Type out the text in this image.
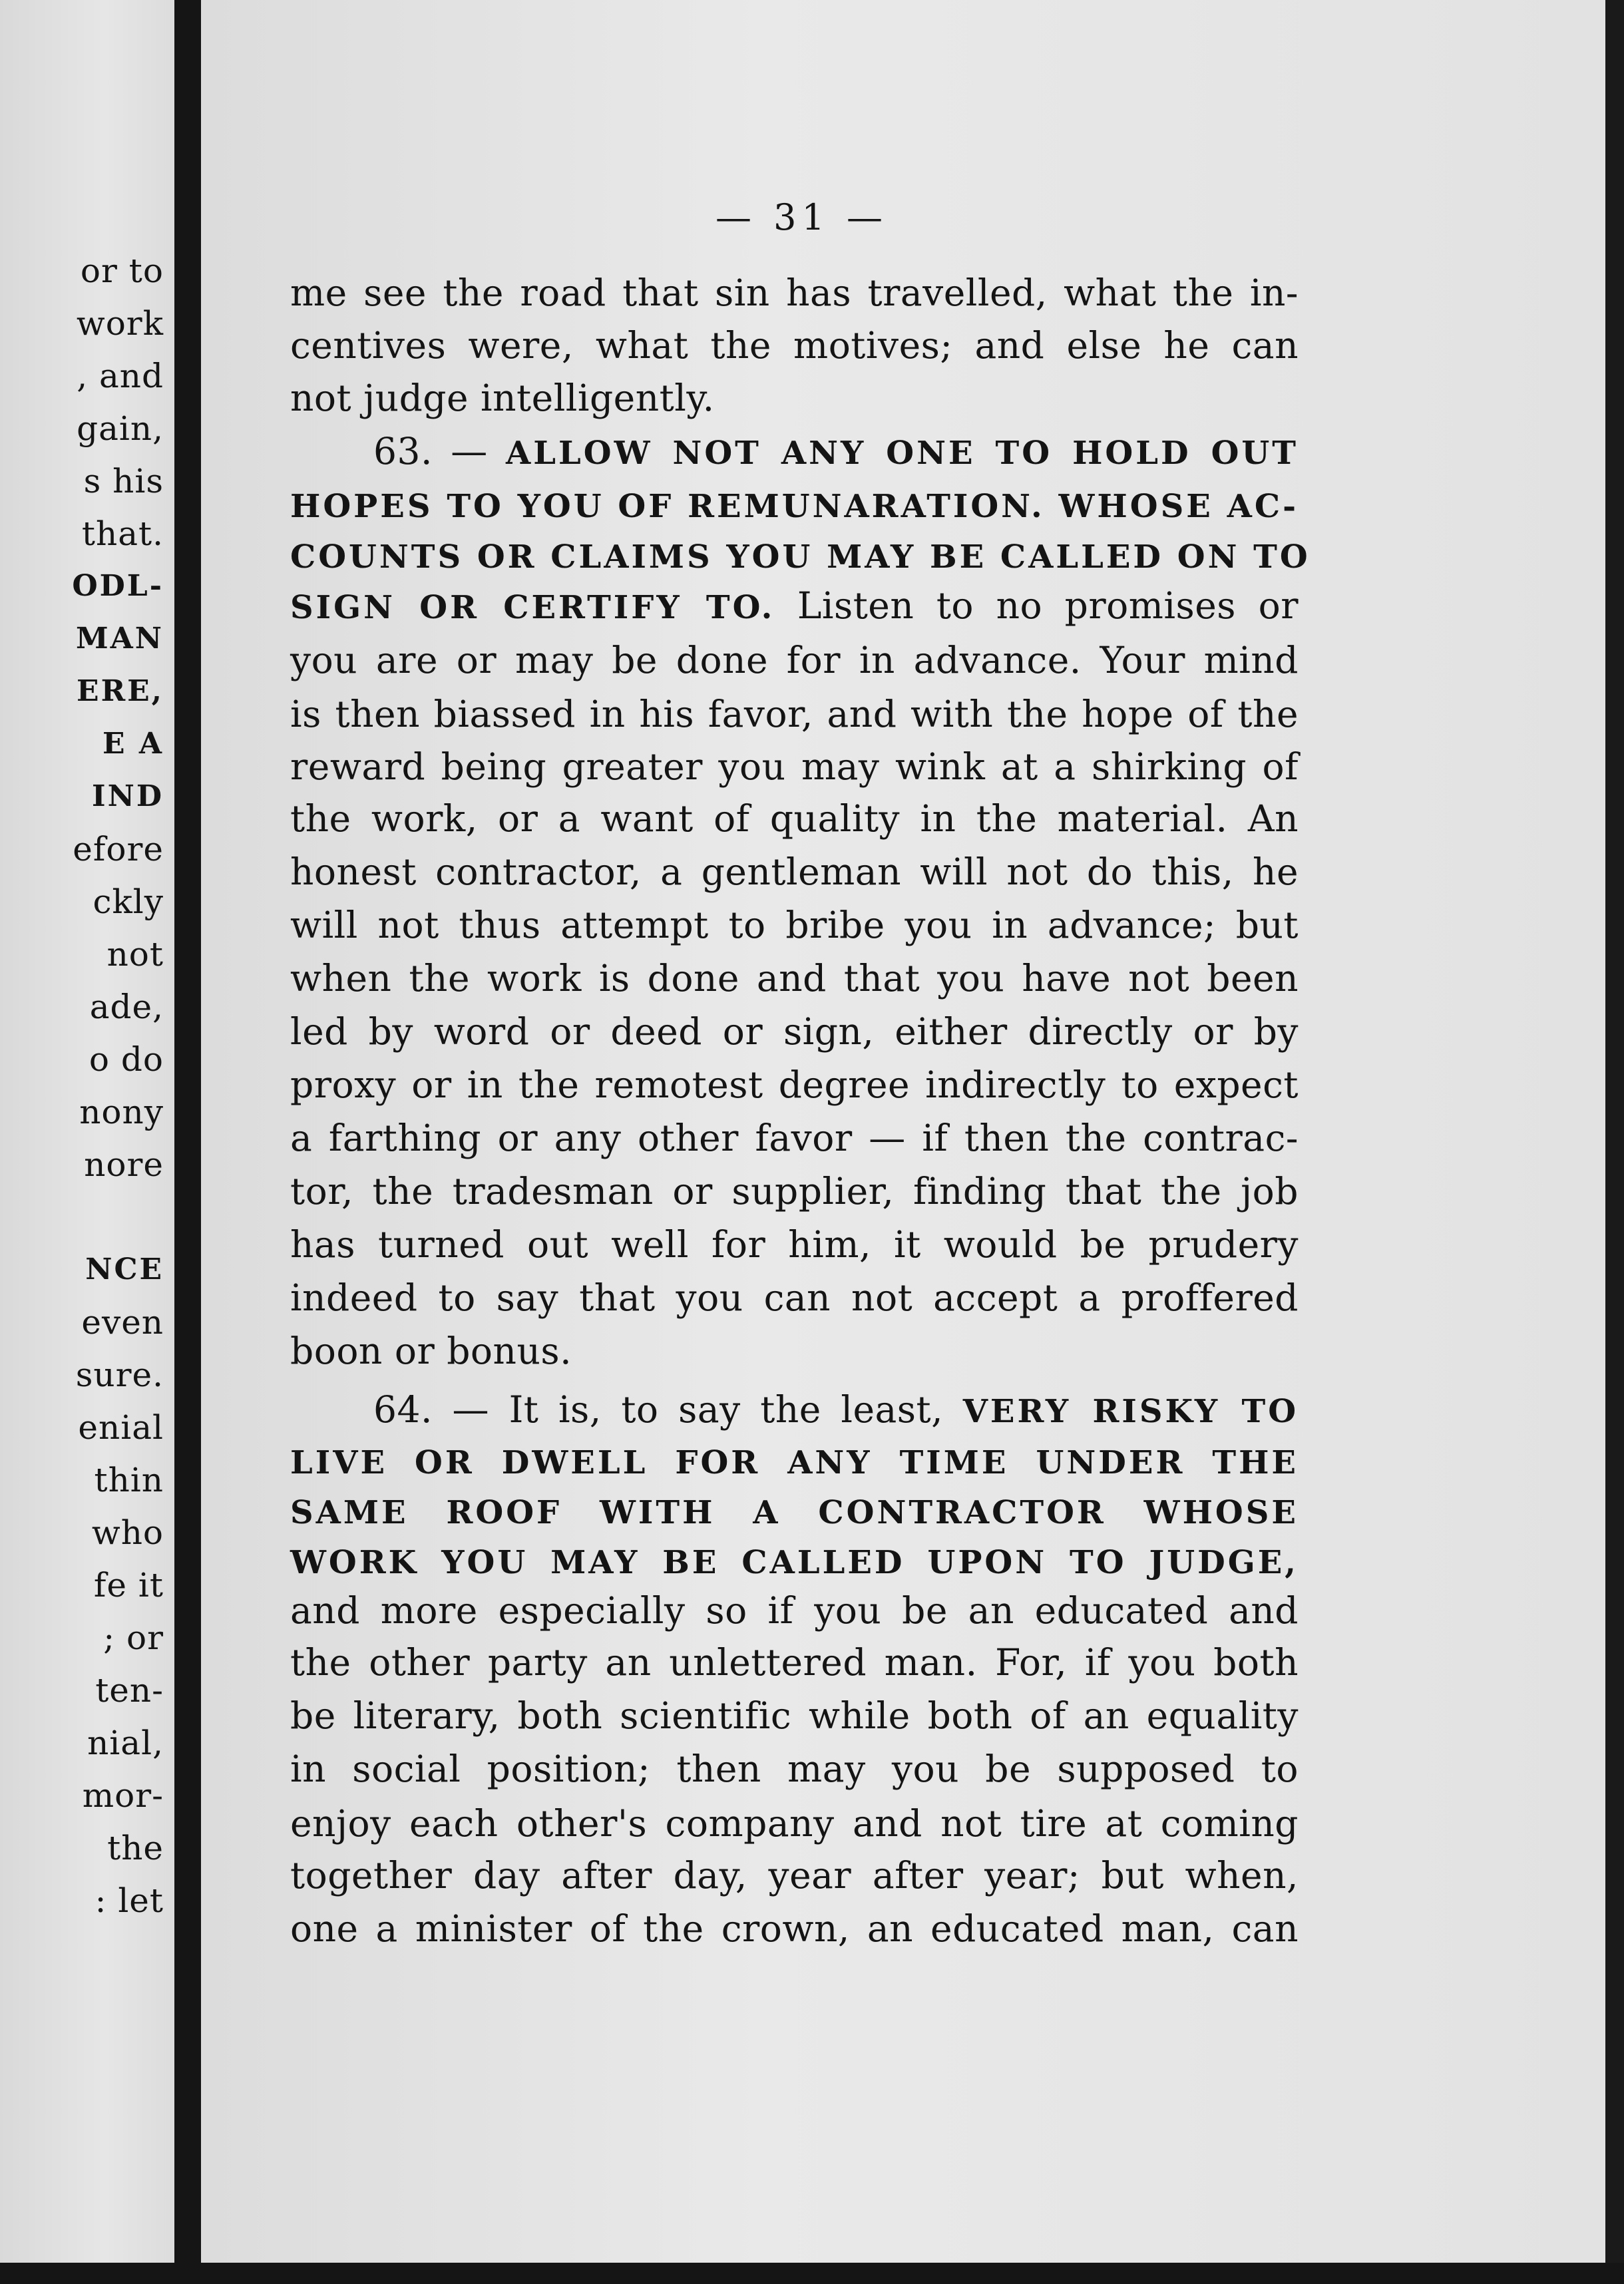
or to
work
, and
gain,
s his
that.
ODL-
MAN
ERE,
E A
IND
efore
ckly
not
ade,
o do
nony
nore
NCE
even
sure.
enial
thin
who
fe it
; or
ten-
nial,
mor-
the
: let
— 31 —
me see the road that sin has travelled, what the in-
centives were, what the motives; and else he can
not judge intelligently.
63. — ALLOW NOT ANY ONE TO HOLD OUT
HOPES TO YOU OF REMUNARATION. WHOSE AC-
COUNTS OR CLAIMS YOU MAY BE CALLED ON TO
SIGN OR CERTIFY TO. Listen to no promises or
you are or may be done for in advance. Your mind
is then biassed in his favor, and with the hope of the
reward being greater you may wink at a shirking of
the work, or a want of quality in the material. An
honest contractor, a gentleman will not do this, he
will not thus attempt to bribe you in advance; but
when the work is done and that you have not been
led by word or deed or sign, either directly or by
proxy or in the remotest degree indirectly to expect
a farthing or any other favor — if then the contrac-
tor, the tradesman or supplier, finding that the job
has turned out well for him, it would be prudery
indeed to say that you can not accept a proffered
boon or bonus.
64. — It is, to say the least, VERY RISKY TO
LIVE OR DWELL FOR ANY TIME UNDER THE
SAME ROOF WITH A CONTRACTOR WHOSE
WORK YOU MAY BE CALLED UPON TO JUDGE,
and more especially so if you be an educated and
the other party an unlettered man. For, if you both
be literary, both scientific while both of an equality
in social position; then may you be supposed to
enjoy each other's company and not tire at coming
together day after day, year after year; but when,
one a minister of the crown, an educated man, can
